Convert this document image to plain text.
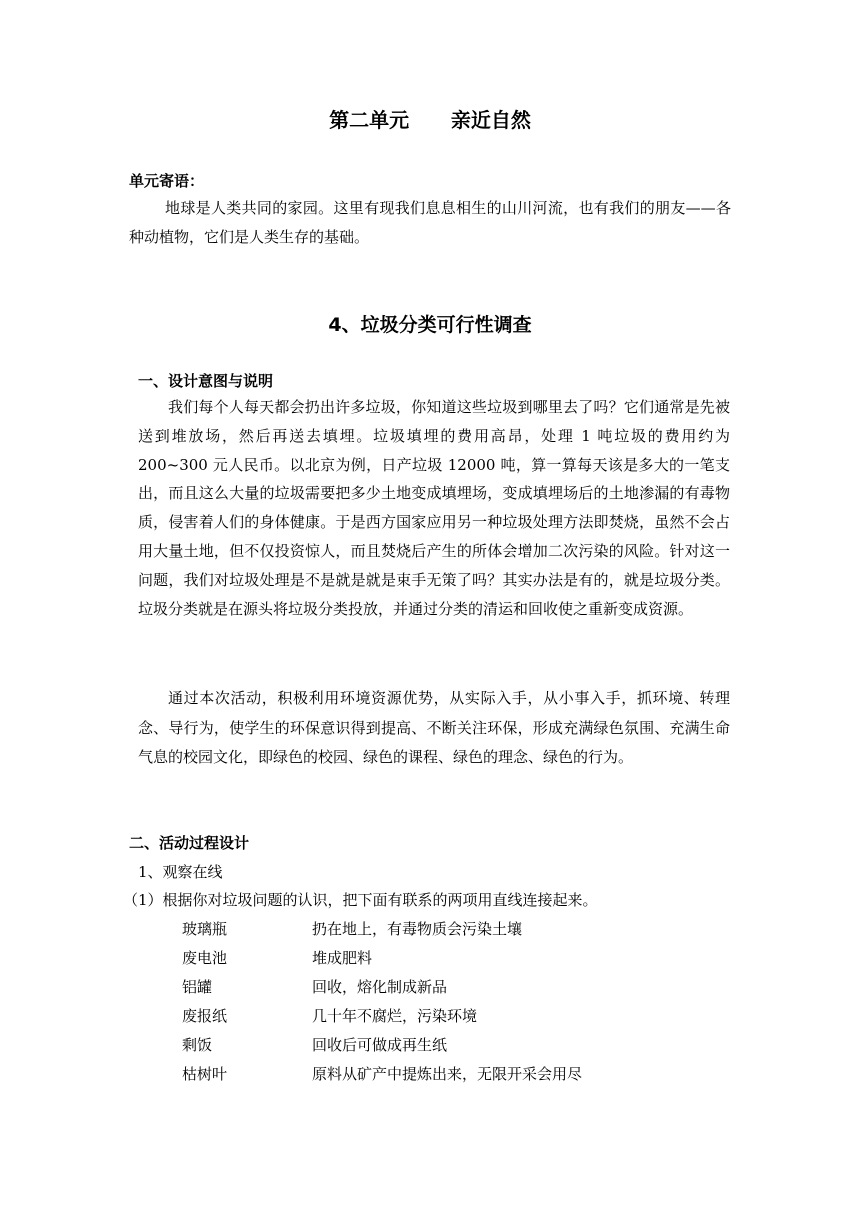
第二单元      亲近自然
单元寄语：
地球是人类共同的家园。这里有现我们息息相生的山川河流，也有我们的朋友——各种动植物，它们是人类生存的基础。
4、垃圾分类可行性调查
一、设计意图与说明
我们每个人每天都会扔出许多垃圾，你知道这些垃圾到哪里去了吗？它们通常是先被送到堆放场，然后再送去填埋。垃圾填埋的费用高昂，处理 1 吨垃圾的费用约为 200~300 元人民币。以北京为例，日产垃圾 12000 吨，算一算每天该是多大的一笔支出，而且这么大量的垃圾需要把多少土地变成填埋场，变成填埋场后的土地渗漏的有毒物质，侵害着人们的身体健康。于是西方国家应用另一种垃圾处理方法即焚烧，虽然不会占用大量土地，但不仅投资惊人，而且焚烧后产生的所体会增加二次污染的风险。针对这一问题，我们对垃圾处理是不是就是就是束手无策了吗？其实办法是有的，就是垃圾分类。垃圾分类就是在源头将垃圾分类投放，并通过分类的清运和回收使之重新变成资源。
通过本次活动，积极利用环境资源优势，从实际入手，从小事入手，抓环境、转理念、导行为，使学生的环保意识得到提高、不断关注环保，形成充满绿色氛围、充满生命气息的校园文化，即绿色的校园、绿色的课程、绿色的理念、绿色的行为。
二、活动过程设计
1、观察在线
（1）根据你对垃圾问题的认识，把下面有联系的两项用直线连接起来。
玻璃瓶	扔在地上，有毒物质会污染土壤
废电池	堆成肥料
铝罐	回收，熔化制成新品
废报纸	几十年不腐烂，污染环境
剩饭	回收后可做成再生纸
枯树叶	原料从矿产中提炼出来，无限开采会用尽
